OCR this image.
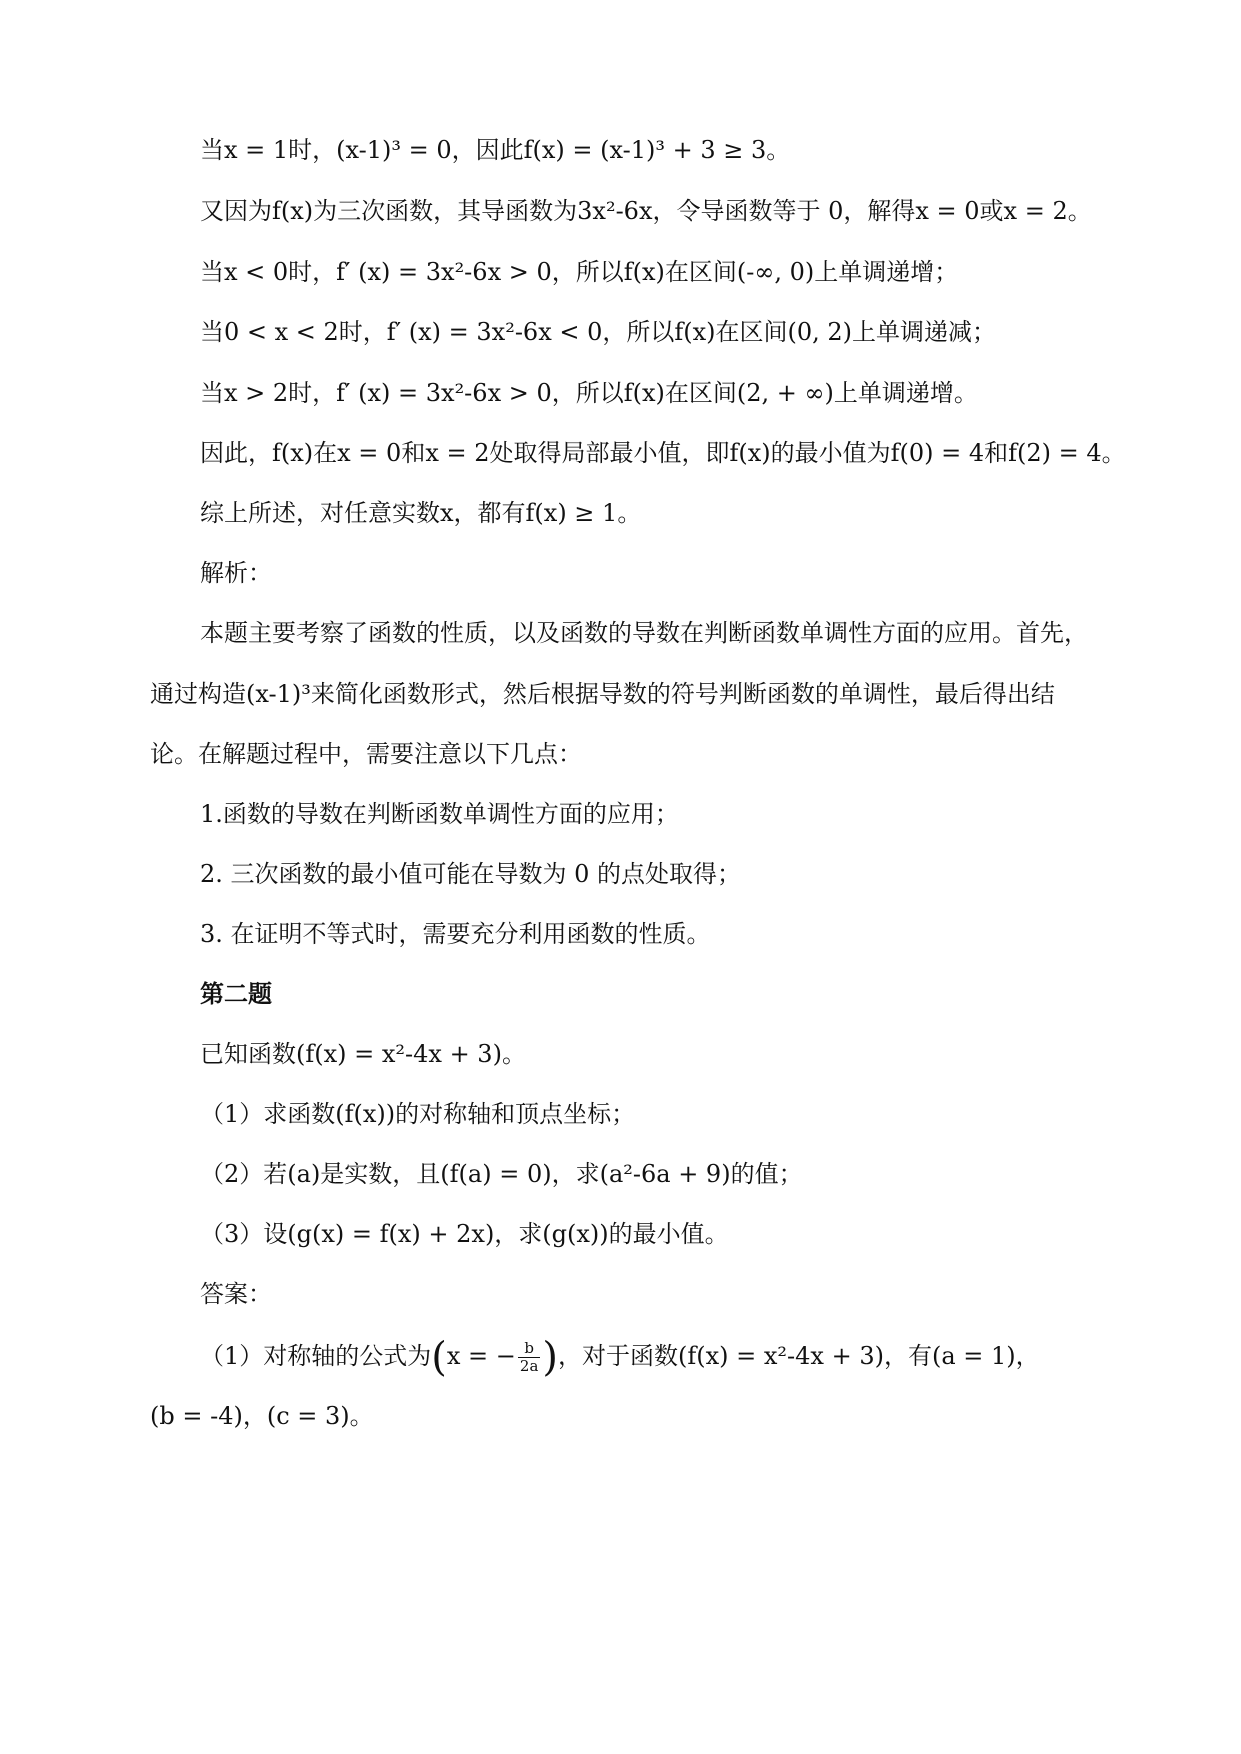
当x = 1时，(x-1)³ = 0，因此f(x) = (x-1)³ + 3 ≥ 3。
又因为f(x)为三次函数，其导函数为3x²-6x，令导函数等于 0，解得x = 0或x = 2。
当x < 0时，f′ (x) = 3x²-6x > 0，所以f(x)在区间(-∞, 0)上单调递增；
当0 < x < 2时，f′ (x) = 3x²-6x < 0，所以f(x)在区间(0, 2)上单调递减；
当x > 2时，f′ (x) = 3x²-6x > 0，所以f(x)在区间(2, + ∞)上单调递增。
因此，f(x)在x = 0和x = 2处取得局部最小值，即f(x)的最小值为f(0) = 4和f(2) = 4。
综上所述，对任意实数x，都有f(x) ≥ 1。
解析：
本题主要考察了函数的性质，以及函数的导数在判断函数单调性方面的应用。首先，
通过构造(x-1)³来简化函数形式，然后根据导数的符号判断函数的单调性，最后得出结
论。在解题过程中，需要注意以下几点：
1.函数的导数在判断函数单调性方面的应用；
2. 三次函数的最小值可能在导数为 0 的点处取得；
3. 在证明不等式时，需要充分利用函数的性质。
第二题
已知函数(f(x) = x²-4x + 3)。
（1）求函数(f(x))的对称轴和顶点坐标；
（2）若(a)是实数，且(f(a) = 0)，求(a²-6a + 9)的值；
（3）设(g(x) = f(x) + 2x)，求(g(x))的最小值。
答案：
（1）对称轴的公式为(x = − $\frac{b}{2a}$ )，对于函数(f(x) = x²-4x + 3)，有(a = 1)，
(b = -4)，(c = 3)。
